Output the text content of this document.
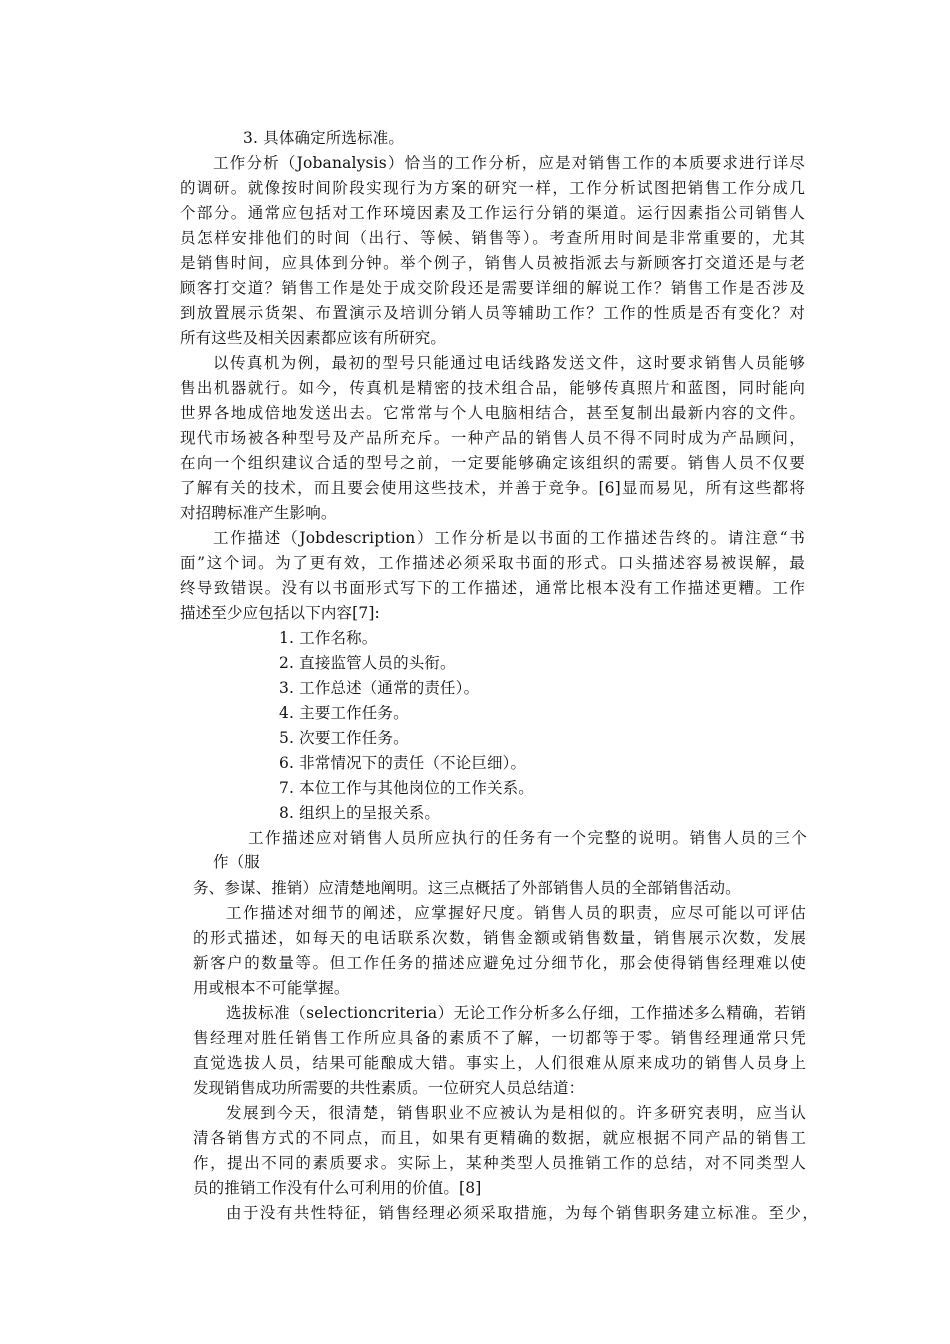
3. 具体确定所选标准。
工作分析（Jobanalysis）恰当的工作分析，应是对销售工作的本质要求进行详尽
的调研。就像按时间阶段实现行为方案的研究一样，工作分析试图把销售工作分成几
个部分。通常应包括对工作环境因素及工作运行分销的渠道。运行因素指公司销售人
员怎样安排他们的时间（出行、等候、销售等）。考查所用时间是非常重要的，尤其
是销售时间，应具体到分钟。举个例子，销售人员被指派去与新顾客打交道还是与老
顾客打交道？销售工作是处于成交阶段还是需要详细的解说工作？销售工作是否涉及
到放置展示货架、布置演示及培训分销人员等辅助工作？工作的性质是否有变化？对
所有这些及相关因素都应该有所研究。
以传真机为例，最初的型号只能通过电话线路发送文件，这时要求销售人员能够
售出机器就行。如今，传真机是精密的技术组合品，能够传真照片和蓝图，同时能向
世界各地成倍地发送出去。它常常与个人电脑相结合，甚至复制出最新内容的文件。
现代市场被各种型号及产品所充斥。一种产品的销售人员不得不同时成为产品顾问，
在向一个组织建议合适的型号之前，一定要能够确定该组织的需要。销售人员不仅要
了解有关的技术，而且要会使用这些技术，并善于竞争。[6]显而易见，所有这些都将
对招聘标准产生影响。
工作描述（Jobdescription）工作分析是以书面的工作描述告终的。请注意“书
面”这个词。为了更有效，工作描述必须采取书面的形式。口头描述容易被误解，最
终导致错误。没有以书面形式写下的工作描述，通常比根本没有工作描述更糟。工作
描述至少应包括以下内容[7]:
1. 工作名称。
2. 直接监管人员的头衔。
3. 工作总述（通常的责任）。
4. 主要工作任务。
5. 次要工作任务。
6. 非常情况下的责任（不论巨细）。
7. 本位工作与其他岗位的工作关系。
8. 组织上的呈报关系。
工作描述应对销售人员所应执行的任务有一个完整的说明。销售人员的三个
作（服
务、参谋、推销）应清楚地阐明。这三点概括了外部销售人员的全部销售活动。
工作描述对细节的阐述，应掌握好尺度。销售人员的职责，应尽可能以可评估
的形式描述，如每天的电话联系次数，销售金额或销售数量，销售展示次数，发展
新客户的数量等。但工作任务的描述应避免过分细节化，那会使得销售经理难以使
用或根本不可能掌握。
选拔标准（selectioncriteria）无论工作分析多么仔细，工作描述多么精确，若销
售经理对胜任销售工作所应具备的素质不了解，一切都等于零。销售经理通常只凭
直觉选拔人员，结果可能酿成大错。事实上，人们很难从原来成功的销售人员身上
发现销售成功所需要的共性素质。一位研究人员总结道：
发展到今天，很清楚，销售职业不应被认为是相似的。许多研究表明，应当认
清各销售方式的不同点，而且，如果有更精确的数据，就应根据不同产品的销售工
作，提出不同的素质要求。实际上，某种类型人员推销工作的总结，对不同类型人
员的推销工作没有什么可利用的价值。[8]
由于没有共性特征，销售经理必须采取措施，为每个销售职务建立标准。至少，
